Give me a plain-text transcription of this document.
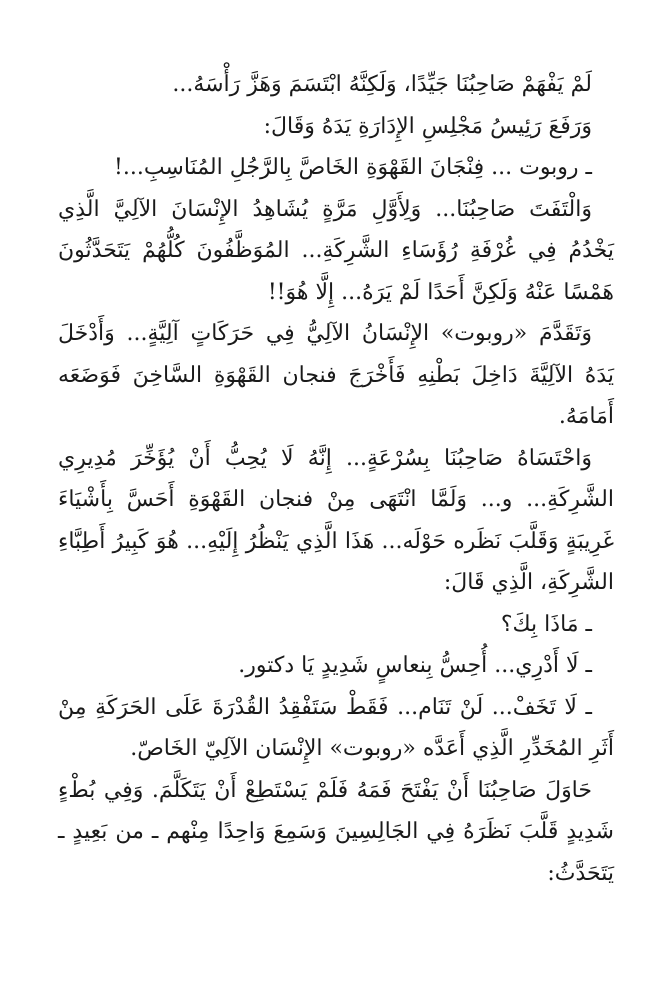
لَمْ يَفْهَمْ صَاحِبُنَا جَيِّدًا، وَلَكِنَّهُ ابْتَسَمَ وَهَزَّ رَأْسَهُ...

وَرَفَعَ رَئِيسُ مَجْلِسِ الإِدَارَةِ يَدَهُ وَقَالَ:

ـ روبوت ... فِنْجَانَ القَهْوَةِ الخَاصَّ بِالرَّجُلِ المُنَاسِبِ...!

وَالْتَفَتَ صَاحِبُنَا... وَلِأَوَّلِ مَرَّةٍ يُشَاهِدُ الإِنْسَانَ الآلِيَّ الَّذِي يَخْدُمُ فِي غُرْفَةِ رُؤَسَاءِ الشَّرِكَةِ... المُوَظَّفُونَ كُلُّهُمْ يَتَحَدَّثُونَ هَمْسًا عَنْهُ وَلَكِنَّ أَحَدًا لَمْ يَرَهُ... إِلَّا هُوَ!!

وَتَقَدَّمَ «روبوت» الإِنْسَانُ الآلِيُّ فِي حَرَكَاتٍ آلِيَّةٍ... وَأَدْخَلَ يَدَهُ الآلِيَّةَ دَاخِلَ بَطْنِهِ فَأَخْرَجَ فنجان القَهْوَةِ السَّاخِنَ فَوَضَعَه أَمَامَهُ.

وَاحْتَسَاهُ صَاحِبُنَا بِسُرْعَةٍ... إِنَّهُ لَا يُحِبُّ أَنْ يُؤَخِّرَ مُدِيرِي الشَّرِكَةِ... و... وَلَمَّا انْتَهَى مِنْ فنجان القَهْوَةِ أَحَسَّ بِأَشْيَاءَ غَرِيبَةٍ وَقَلَّبَ نَظَره حَوْلَه... هَذَا الَّذِي يَنْظُرُ إِلَيْهِ... هُوَ كَبِيرُ أَطِبَّاءِ الشَّرِكَةِ، الَّذِي قَالَ:

ـ مَاذَا بِكَ؟

ـ لَا أَدْرِي... أُحِسُّ بِنعاسٍ شَدِيدٍ يَا دكتور.

ـ لَا تَخَفْ... لَنْ تَنَام... فَقَطْ سَتَفْقِدُ القُدْرَةَ عَلَى الحَرَكَةِ مِنْ أَثَرِ المُخَدِّرِ الَّذِي أَعَدَّه «روبوت» الإِنْسَان الآلِيّ الخَاصّ.

حَاوَلَ صَاحِبُنَا أَنْ يَفْتَحَ فَمَهُ فَلَمْ يَسْتَطِعْ أَنْ يَتَكَلَّمَ. وَفِي بُطْءٍ شَدِيدٍ قَلَّبَ نَظَرَهُ فِي الجَالِسِينَ وَسَمِعَ وَاحِدًا مِنْهم ـ من بَعِيدٍ ـ يَتَحَدَّثُ:
